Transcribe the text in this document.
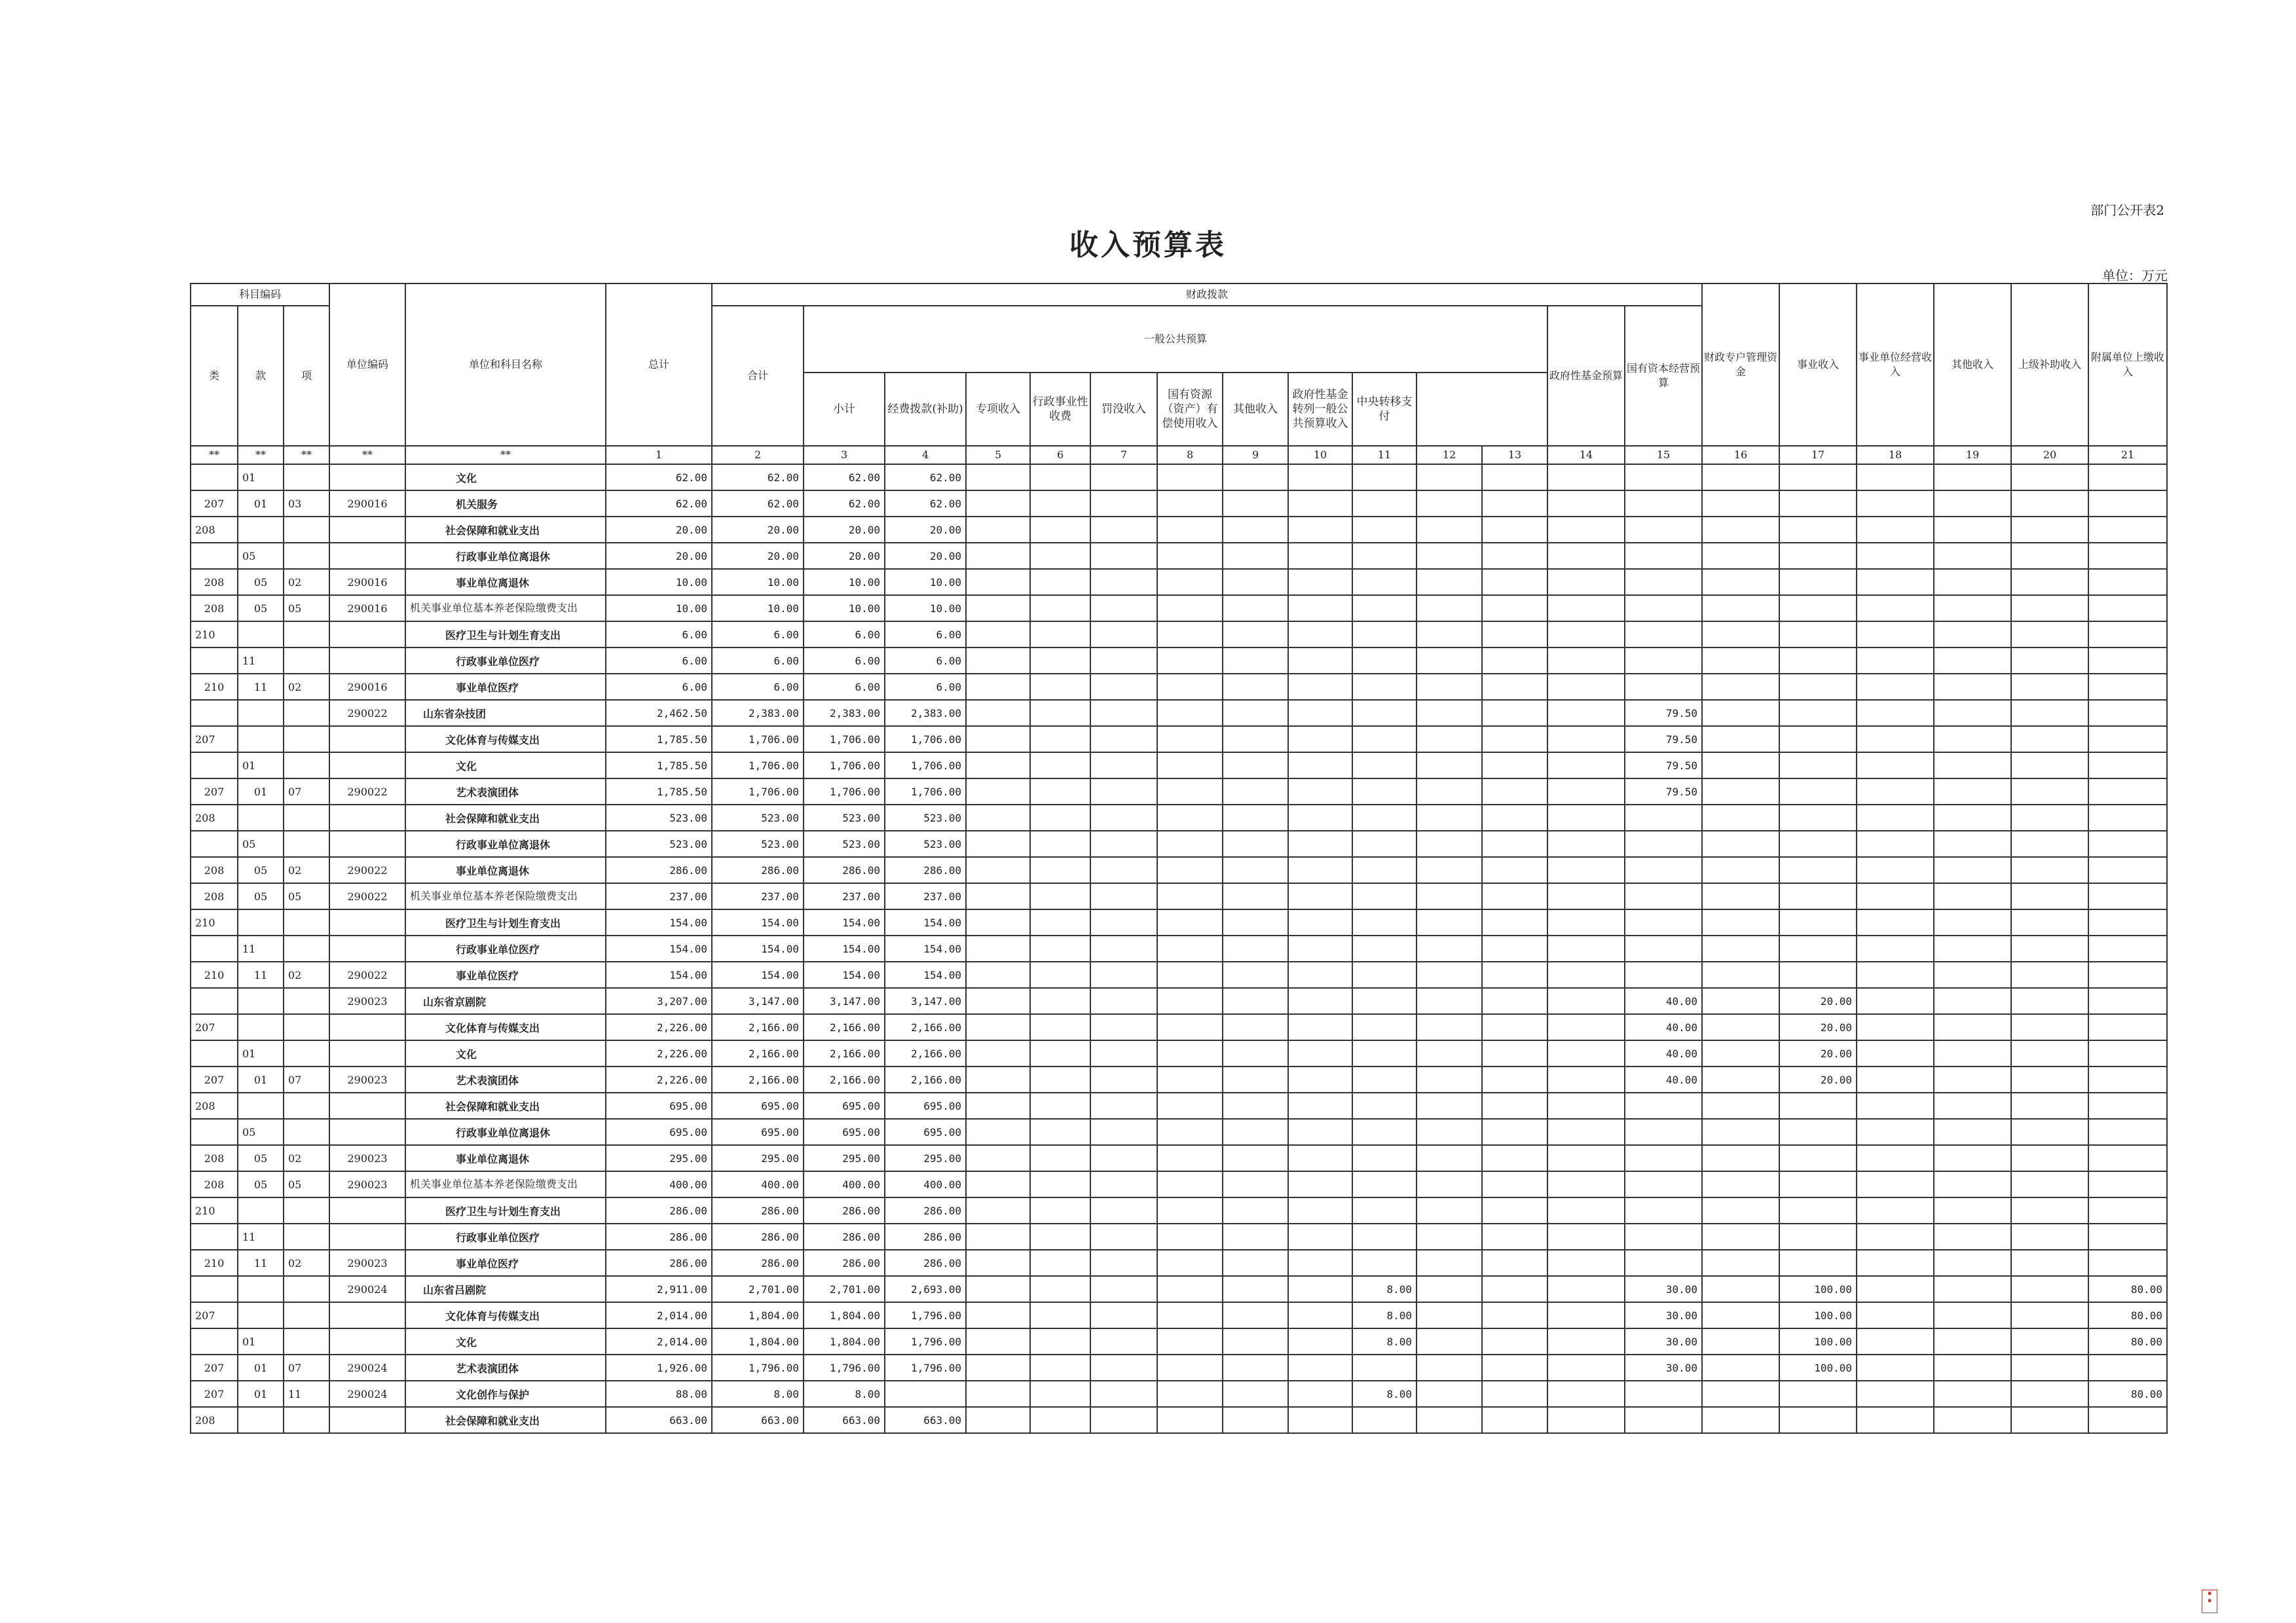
部门公开表2
收入预算表
单位：万元
科目编码			单位编码	单位和科目名称	总计	财政拨款														财政专户管理资金	事业收入	事业单位经营收入	其他收入	上级补助收入	附属单位上缴收入		
类	款	项				合计	一般公共预算											政府性基金预算	国有资本经营预算							
							小计	经费拨款(补助)	专项收入	行政事业性收费	罚没收入	国有资源（资产）有偿使用收入	其他收入	政府性基金转列一般公共预算收入	中央转移支付											
**	**	**	**	**	1	2	3	4	5	6	7	8	9	10	11	12	13	14	15	16	17	18	19	20	21	
	01			文化	62.00	62.00	62.00	62.00																		
207	01	03	290016	机关服务	62.00	62.00	62.00	62.00																		
208				社会保障和就业支出	20.00	20.00	20.00	20.00																		
	05			行政事业单位离退休	20.00	20.00	20.00	20.00																		
208	05	02	290016	事业单位离退休	10.00	10.00	10.00	10.00																		
208	05	05	290016	机关事业单位基本养老保险缴费支出	10.00	10.00	10.00	10.00																		
210				医疗卫生与计划生育支出	6.00	6.00	6.00	6.00																		
	11			行政事业单位医疗	6.00	6.00	6.00	6.00																		
210	11	02	290016	事业单位医疗	6.00	6.00	6.00	6.00																		
			290022	山东省杂技团	2,462.50	2,383.00	2,383.00	2,383.00											79.50							
207				文化体育与传媒支出	1,785.50	1,706.00	1,706.00	1,706.00											79.50							
	01			文化	1,785.50	1,706.00	1,706.00	1,706.00											79.50							
207	01	07	290022	艺术表演团体	1,785.50	1,706.00	1,706.00	1,706.00											79.50							
208				社会保障和就业支出	523.00	523.00	523.00	523.00																		
	05			行政事业单位离退休	523.00	523.00	523.00	523.00																		
208	05	02	290022	事业单位离退休	286.00	286.00	286.00	286.00																		
208	05	05	290022	机关事业单位基本养老保险缴费支出	237.00	237.00	237.00	237.00																		
210				医疗卫生与计划生育支出	154.00	154.00	154.00	154.00																		
	11			行政事业单位医疗	154.00	154.00	154.00	154.00																		
210	11	02	290022	事业单位医疗	154.00	154.00	154.00	154.00																		
			290023	山东省京剧院	3,207.00	3,147.00	3,147.00	3,147.00											40.00		20.00					
207				文化体育与传媒支出	2,226.00	2,166.00	2,166.00	2,166.00											40.00		20.00					
	01			文化	2,226.00	2,166.00	2,166.00	2,166.00											40.00		20.00					
207	01	07	290023	艺术表演团体	2,226.00	2,166.00	2,166.00	2,166.00											40.00		20.00					
208				社会保障和就业支出	695.00	695.00	695.00	695.00																		
	05			行政事业单位离退休	695.00	695.00	695.00	695.00																		
208	05	02	290023	事业单位离退休	295.00	295.00	295.00	295.00																		
208	05	05	290023	机关事业单位基本养老保险缴费支出	400.00	400.00	400.00	400.00																		
210				医疗卫生与计划生育支出	286.00	286.00	286.00	286.00																		
	11			行政事业单位医疗	286.00	286.00	286.00	286.00																		
210	11	02	290023	事业单位医疗	286.00	286.00	286.00	286.00																		
			290024	山东省吕剧院	2,911.00	2,701.00	2,701.00	2,693.00							8.00				30.00		100.00				80.00	
207				文化体育与传媒支出	2,014.00	1,804.00	1,804.00	1,796.00							8.00				30.00		100.00				80.00	
	01			文化	2,014.00	1,804.00	1,804.00	1,796.00							8.00				30.00		100.00				80.00	
207	01	07	290024	艺术表演团体	1,926.00	1,796.00	1,796.00	1,796.00											30.00		100.00					
207	01	11	290024	文化创作与保护	88.00	8.00	8.00								8.00										80.00	
208				社会保障和就业支出	663.00	663.00	663.00	663.00																		
▪
▪
